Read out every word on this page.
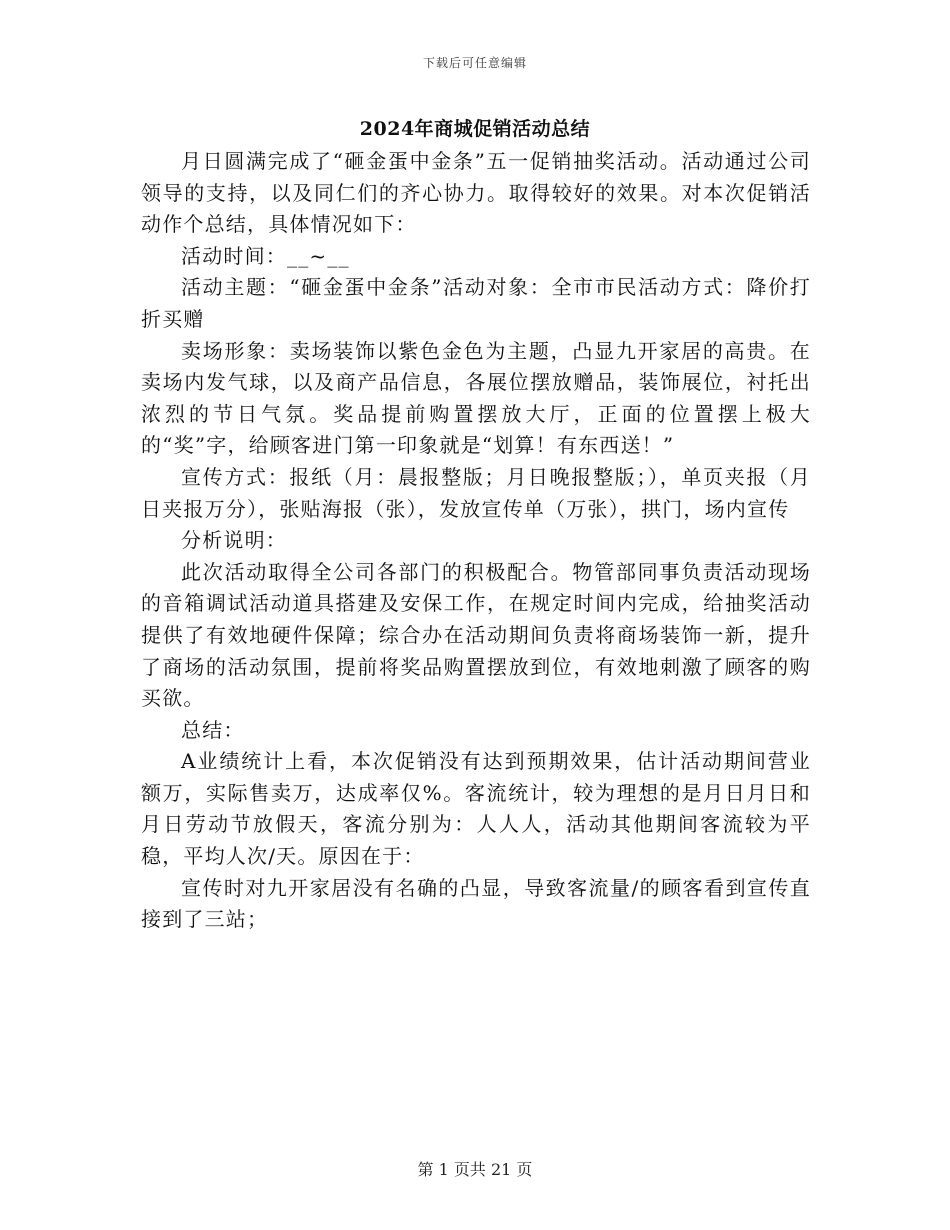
下载后可任意编辑
2024年商城促销活动总结

月日圆满完成了“砸金蛋中金条”五一促销抽奖活动。活动通过公司领导的支持，以及同仁们的齐心协力。取得较好的效果。对本次促销活动作个总结，具体情况如下：

活动时间：__~__

活动主题：“砸金蛋中金条”活动对象：全市市民活动方式：降价打折买赠

卖场形象：卖场装饰以紫色金色为主题，凸显九开家居的高贵。在卖场内发气球，以及商产品信息，各展位摆放赠品，装饰展位，衬托出浓烈的节日气氛。奖品提前购置摆放大厅，正面的位置摆上极大的“奖”字，给顾客进门第一印象就是“划算！有东西送！”

宣传方式：报纸（月：晨报整版；月日晚报整版；），单页夹报（月日夹报万分），张贴海报（张），发放宣传单（万张），拱门，场内宣传

分析说明：

此次活动取得全公司各部门的积极配合。物管部同事负责活动现场的音箱调试活动道具搭建及安保工作，在规定时间内完成，给抽奖活动提供了有效地硬件保障；综合办在活动期间负责将商场装饰一新，提升了商场的活动氛围，提前将奖品购置摆放到位，有效地刺激了顾客的购买欲。

总结：

A业绩统计上看，本次促销没有达到预期效果，估计活动期间营业额万，实际售卖万，达成率仅%。客流统计，较为理想的是月日月日和月日劳动节放假天，客流分别为：人人人，活动其他期间客流较为平稳，平均人次/天。原因在于：

宣传时对九开家居没有名确的凸显，导致客流量/的顾客看到宣传直接到了三站；

第 1 页共 21 页
